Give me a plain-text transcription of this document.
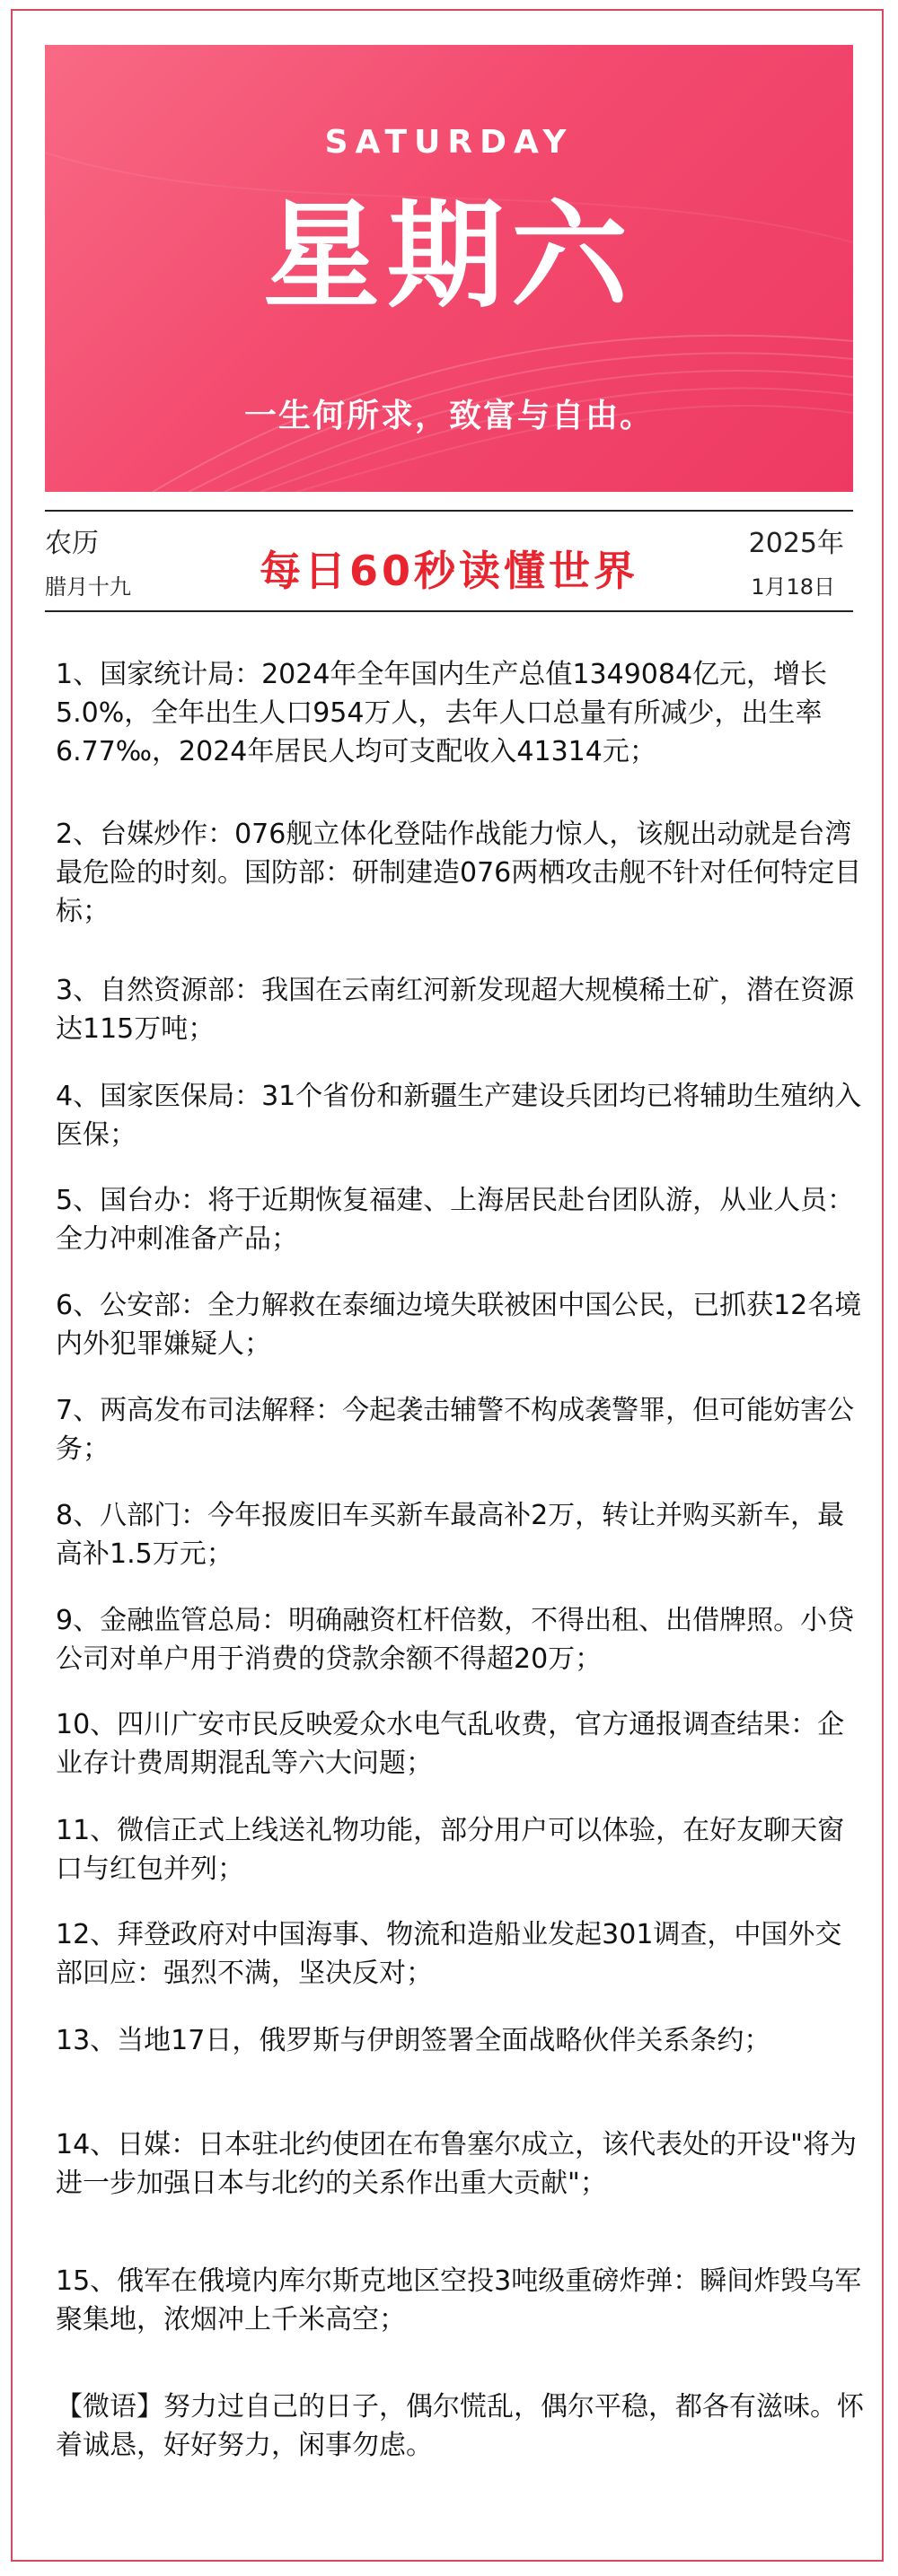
SATURDAY
星期六
一生何所求，致富与自由。
农历
腊月十九	每日60秒读懂世界
2025年
1月18日
1、国家统计局：2024年全年国内生产总值1349084亿元，增长5.0%，全年出生人口954万人，去年人口总量有所减少，出生率6.77‰，2024年居民人均可支配收入41314元；
2、台媒炒作：076舰立体化登陆作战能力惊人，该舰出动就是台湾最危险的时刻。国防部：研制建造076两栖攻击舰不针对任何特定目标；
3、自然资源部：我国在云南红河新发现超大规模稀土矿，潜在资源达115万吨；
4、国家医保局：31个省份和新疆生产建设兵团均已将辅助生殖纳入医保；
5、国台办：将于近期恢复福建、上海居民赴台团队游，从业人员：全力冲刺准备产品；
6、公安部：全力解救在泰缅边境失联被困中国公民，已抓获12名境内外犯罪嫌疑人；
7、两高发布司法解释：今起袭击辅警不构成袭警罪，但可能妨害公务；
8、八部门：今年报废旧车买新车最高补2万，转让并购买新车，最高补1.5万元；
9、金融监管总局：明确融资杠杆倍数，不得出租、出借牌照。小贷公司对单户用于消费的贷款余额不得超20万；
10、四川广安市民反映爱众水电气乱收费，官方通报调查结果：企业存计费周期混乱等六大问题；
11、微信正式上线送礼物功能，部分用户可以体验，在好友聊天窗口与红包并列；
12、拜登政府对中国海事、物流和造船业发起301调查，中国外交部回应：强烈不满，坚决反对；
13、当地17日，俄罗斯与伊朗签署全面战略伙伴关系条约；
14、日媒：日本驻北约使团在布鲁塞尔成立，该代表处的开设"将为进一步加强日本与北约的关系作出重大贡献"；
15、俄军在俄境内库尔斯克地区空投3吨级重磅炸弹：瞬间炸毁乌军聚集地，浓烟冲上千米高空；
【微语】努力过自己的日子，偶尔慌乱，偶尔平稳，都各有滋味。怀着诚恳，好好努力，闲事勿虑。
